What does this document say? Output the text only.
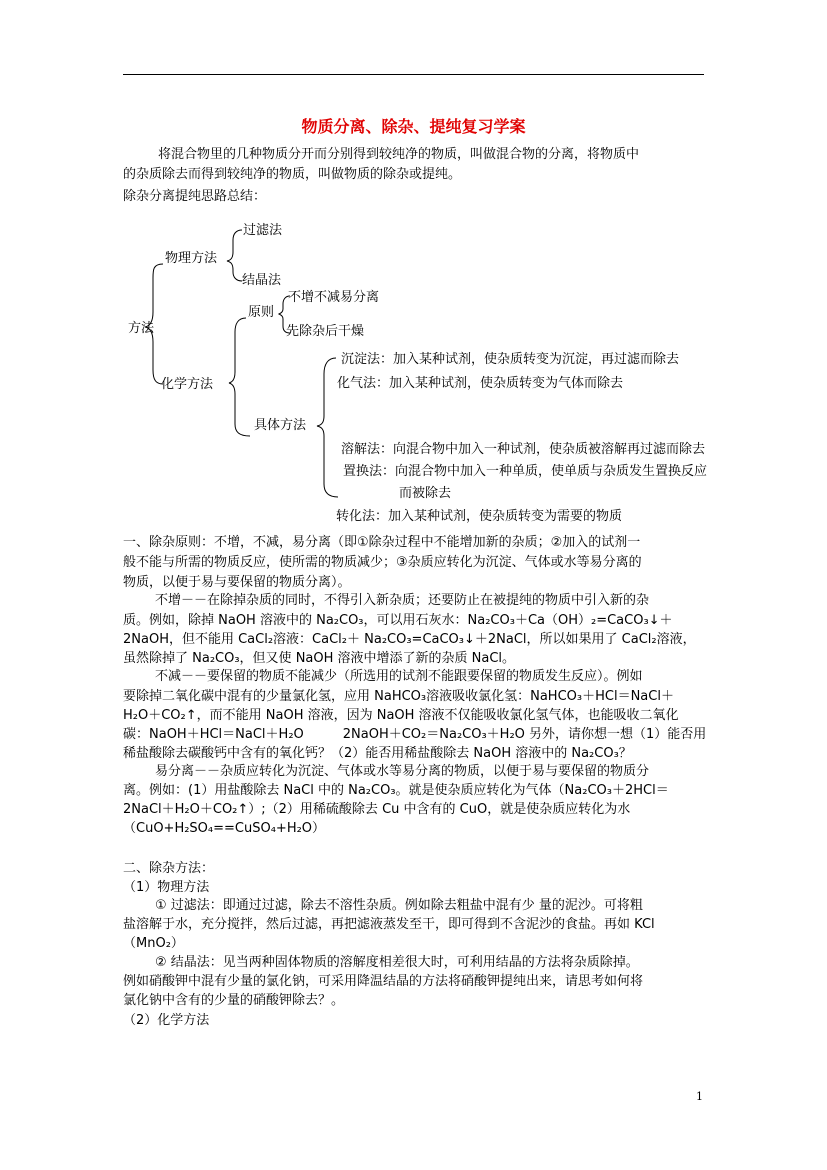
物质分离、除杂、提纯复习学案
将混合物里的几种物质分开而分别得到较纯净的物质，叫做混合物的分离，将物质中
的杂质除去而得到较纯净的物质，叫做物质的除杂或提纯。
除杂分离提纯思路总结：
方法
物理方法
过滤法
结晶法
化学方法
原则
不增不减易分离
先除杂后干燥
具体方法
沉淀法：加入某种试剂，使杂质转变为沉淀，再过滤而除去
化气法：加入某种试剂，使杂质转变为气体而除去
溶解法：向混合物中加入一种试剂，使杂质被溶解再过滤而除去
置换法：向混合物中加入一种单质，使单质与杂质发生置换反应
而被除去
转化法：加入某种试剂，使杂质转变为需要的物质
一、除杂原则：不增，不减，易分离（即①除杂过程中不能增加新的杂质；②加入的试剂一
般不能与所需的物质反应，使所需的物质减少；③杂质应转化为沉淀、气体或水等易分离的
物质，以便于易与要保留的物质分离）。
不增－－在除掉杂质的同时，不得引入新杂质；还要防止在被提纯的物质中引入新的杂
质。例如，除掉 NaOH 溶液中的 Na₂CO₃，可以用石灰水：Na₂CO₃＋Ca（OH）₂=CaCO₃↓＋
2NaOH，但不能用 CaCl₂溶液：CaCl₂＋ Na₂CO₃=CaCO₃↓＋2NaCl，所以如果用了 CaCl₂溶液，
虽然除掉了 Na₂CO₃，但又使 NaOH 溶液中增添了新的杂质 NaCl。
不减－－要保留的物质不能减少（所选用的试剂不能跟要保留的物质发生反应）。例如
要除掉二氧化碳中混有的少量氯化氢，应用 NaHCO₃溶液吸收氯化氢：NaHCO₃＋HCl＝NaCl＋
H₂O＋CO₂↑，而不能用 NaOH 溶液，因为 NaOH 溶液不仅能吸收氯化氢气体，也能吸收二氧化
碳：NaOH＋HCl＝NaCl＋H₂O　　　2NaOH＋CO₂＝Na₂CO₃＋H₂O 另外，请你想一想（1）能否用
稀盐酸除去碳酸钙中含有的氧化钙？（2）能否用稀盐酸除去 NaOH 溶液中的 Na₂CO₃？
易分离－－杂质应转化为沉淀、气体或水等易分离的物质，以便于易与要保留的物质分
离。例如：(1）用盐酸除去 NaCl 中的 Na₂CO₃。就是使杂质应转化为气体（Na₂CO₃＋2HCl＝
2NaCl＋H₂O＋CO₂↑）;（2）用稀硫酸除去 Cu 中含有的 CuO，就是使杂质应转化为水
（CuO+H₂SO₄==CuSO₄+H₂O）
二、除杂方法：
（1）物理方法
① 过滤法：即通过过滤，除去不溶性杂质。例如除去粗盐中混有少 量的泥沙。可将粗
盐溶解于水，充分搅拌，然后过滤，再把滤液蒸发至干，即可得到不含泥沙的食盐。再如 KCl
（MnO₂）
② 结晶法：见当两种固体物质的溶解度相差很大时，可利用结晶的方法将杂质除掉。
例如硝酸钾中混有少量的氯化钠，可采用降温结晶的方法将硝酸钾提纯出来，请思考如何将
氯化钠中含有的少量的硝酸钾除去？。
（2）化学方法
1
